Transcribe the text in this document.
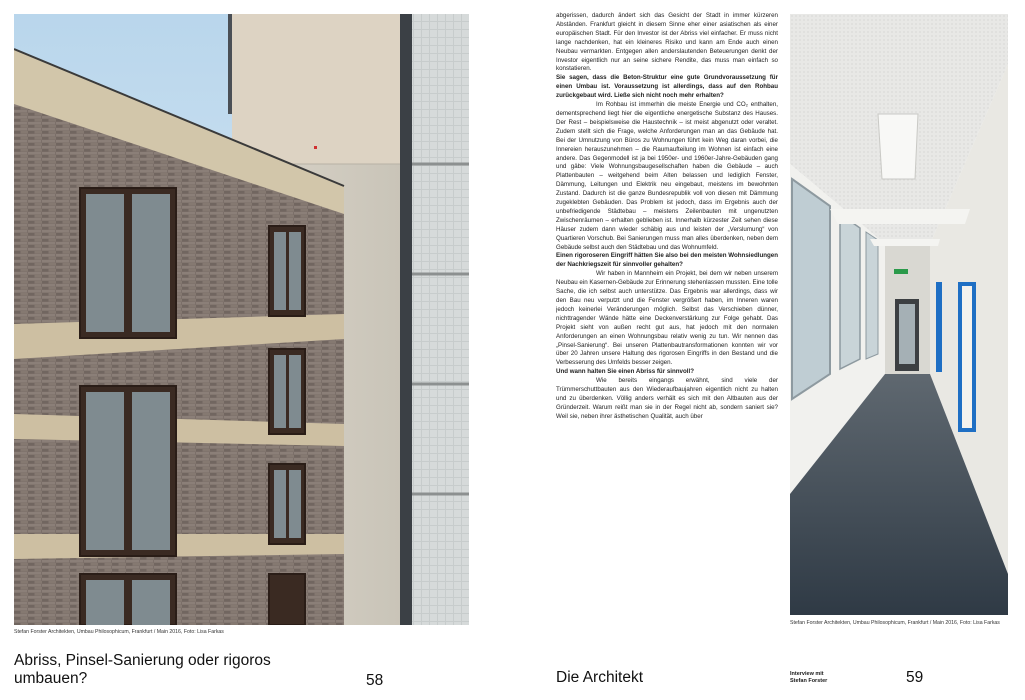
Stefan Forster Architekten, Umbau Philosophicum, Frankfurt / Main 2016, Foto: Lisa Farkas
Abriss, Pinsel-Sanierung oder rigoros umbauen?	58

abgerissen, dadurch ändert sich das Gesicht der Stadt in immer kürzeren Abständen. Frankfurt gleicht in diesem Sinne eher einer asiatischen als einer europäischen Stadt. Für den Investor ist der Abriss viel einfacher. Er muss nicht lange nachdenken, hat ein kleineres Risiko und kann am Ende auch einen Neubau vermarkten. Entgegen allen anderslautenden Beteuerungen denkt der Investor eigentlich nur an seine sichere Rendite, das muss man einfach so konstatieren.

Sie sagen, dass die Beton-Struktur eine gute Grundvoraussetzung für einen Umbau ist. Voraussetzung ist allerdings, dass auf den Rohbau zurückgebaut wird. Ließe sich nicht noch mehr erhalten?

Im Rohbau ist immerhin die meiste Energie und CO₂ enthalten, dementsprechend liegt hier die eigentliche energetische Substanz des Hauses. Der Rest – beispielsweise die Haustechnik – ist meist abgenutzt oder veraltet. Zudem stellt sich die Frage, welche Anforderungen man an das Gebäude hat. Bei der Umnutzung von Büros zu Wohnungen führt kein Weg daran vorbei, die Innereien herauszunehmen – die Raumaufteilung im Wohnen ist einfach eine andere. Das Gegenmodell ist ja bei 1950er- und 1960er-Jahre-Gebäuden gang und gäbe: Viele Wohnungsbaugesellschaften haben die Gebäude – auch Plattenbauten – weitgehend beim Alten belassen und lediglich Fenster, Dämmung, Leitungen und Elektrik neu eingebaut, meistens im bewohnten Zustand. Dadurch ist die ganze Bundesrepublik voll von diesen mit Dämmung zugeklebten Gebäuden. Das Problem ist jedoch, dass im Ergebnis auch der unbefriedigende Städtebau – meistens Zeilenbauten mit ungenutzten Zwischenräumen – erhalten geblieben ist. Innerhalb kürzester Zeit sehen diese Häuser zudem dann wieder schäbig aus und leisten der „Verslumung“ von Quartieren Vorschub. Bei Sanierungen muss man alles überdenken, neben dem Gebäude selbst auch den Städtebau und das Wohnumfeld.

Einen rigoroseren Eingriff hätten Sie also bei den meisten Wohnsiedlungen der Nachkriegszeit für sinnvoller gehalten?

Wir haben in Mannheim ein Projekt, bei dem wir neben unserem Neubau ein Kasernen-Gebäude zur Erinnerung stehenlassen mussten. Eine tolle Sache, die ich selbst auch unterstütze. Das Ergebnis war allerdings, dass wir den Bau neu verputzt und die Fenster vergrößert haben, im Inneren waren jedoch keinerlei Veränderungen möglich. Selbst das Verschieben dünner, nichttragender Wände hätte eine Deckenverstärkung zur Folge gehabt. Das Projekt sieht von außen recht gut aus, hat jedoch mit den normalen Anforderungen an einen Wohnungsbau relativ wenig zu tun. Wir nennen das „Pinsel-Sanierung“. Bei unseren Plattenbautransformationen konnten wir vor über 20 Jahren unsere Haltung des rigorosen Eingriffs in den Bestand und die Verbesserung des Umfelds besser zeigen.

Und wann halten Sie einen Abriss für sinnvoll?

Wie bereits eingangs erwähnt, sind viele der Trümmerschuttbauten aus den Wiederaufbaujahren eigentlich nicht zu halten und zu überdenken. Völlig anders verhält es sich mit den Altbauten aus der Gründerzeit. Warum reißt man sie in der Regel nicht ab, sondern saniert sie? Weil sie, neben ihrer ästhetischen Qualität, auch über

Stefan Forster Architekten, Umbau Philosophicum, Frankfurt / Main 2016, Foto: Lisa Farkas
Die Architekt	Interview mit
Stefan Forster	59
